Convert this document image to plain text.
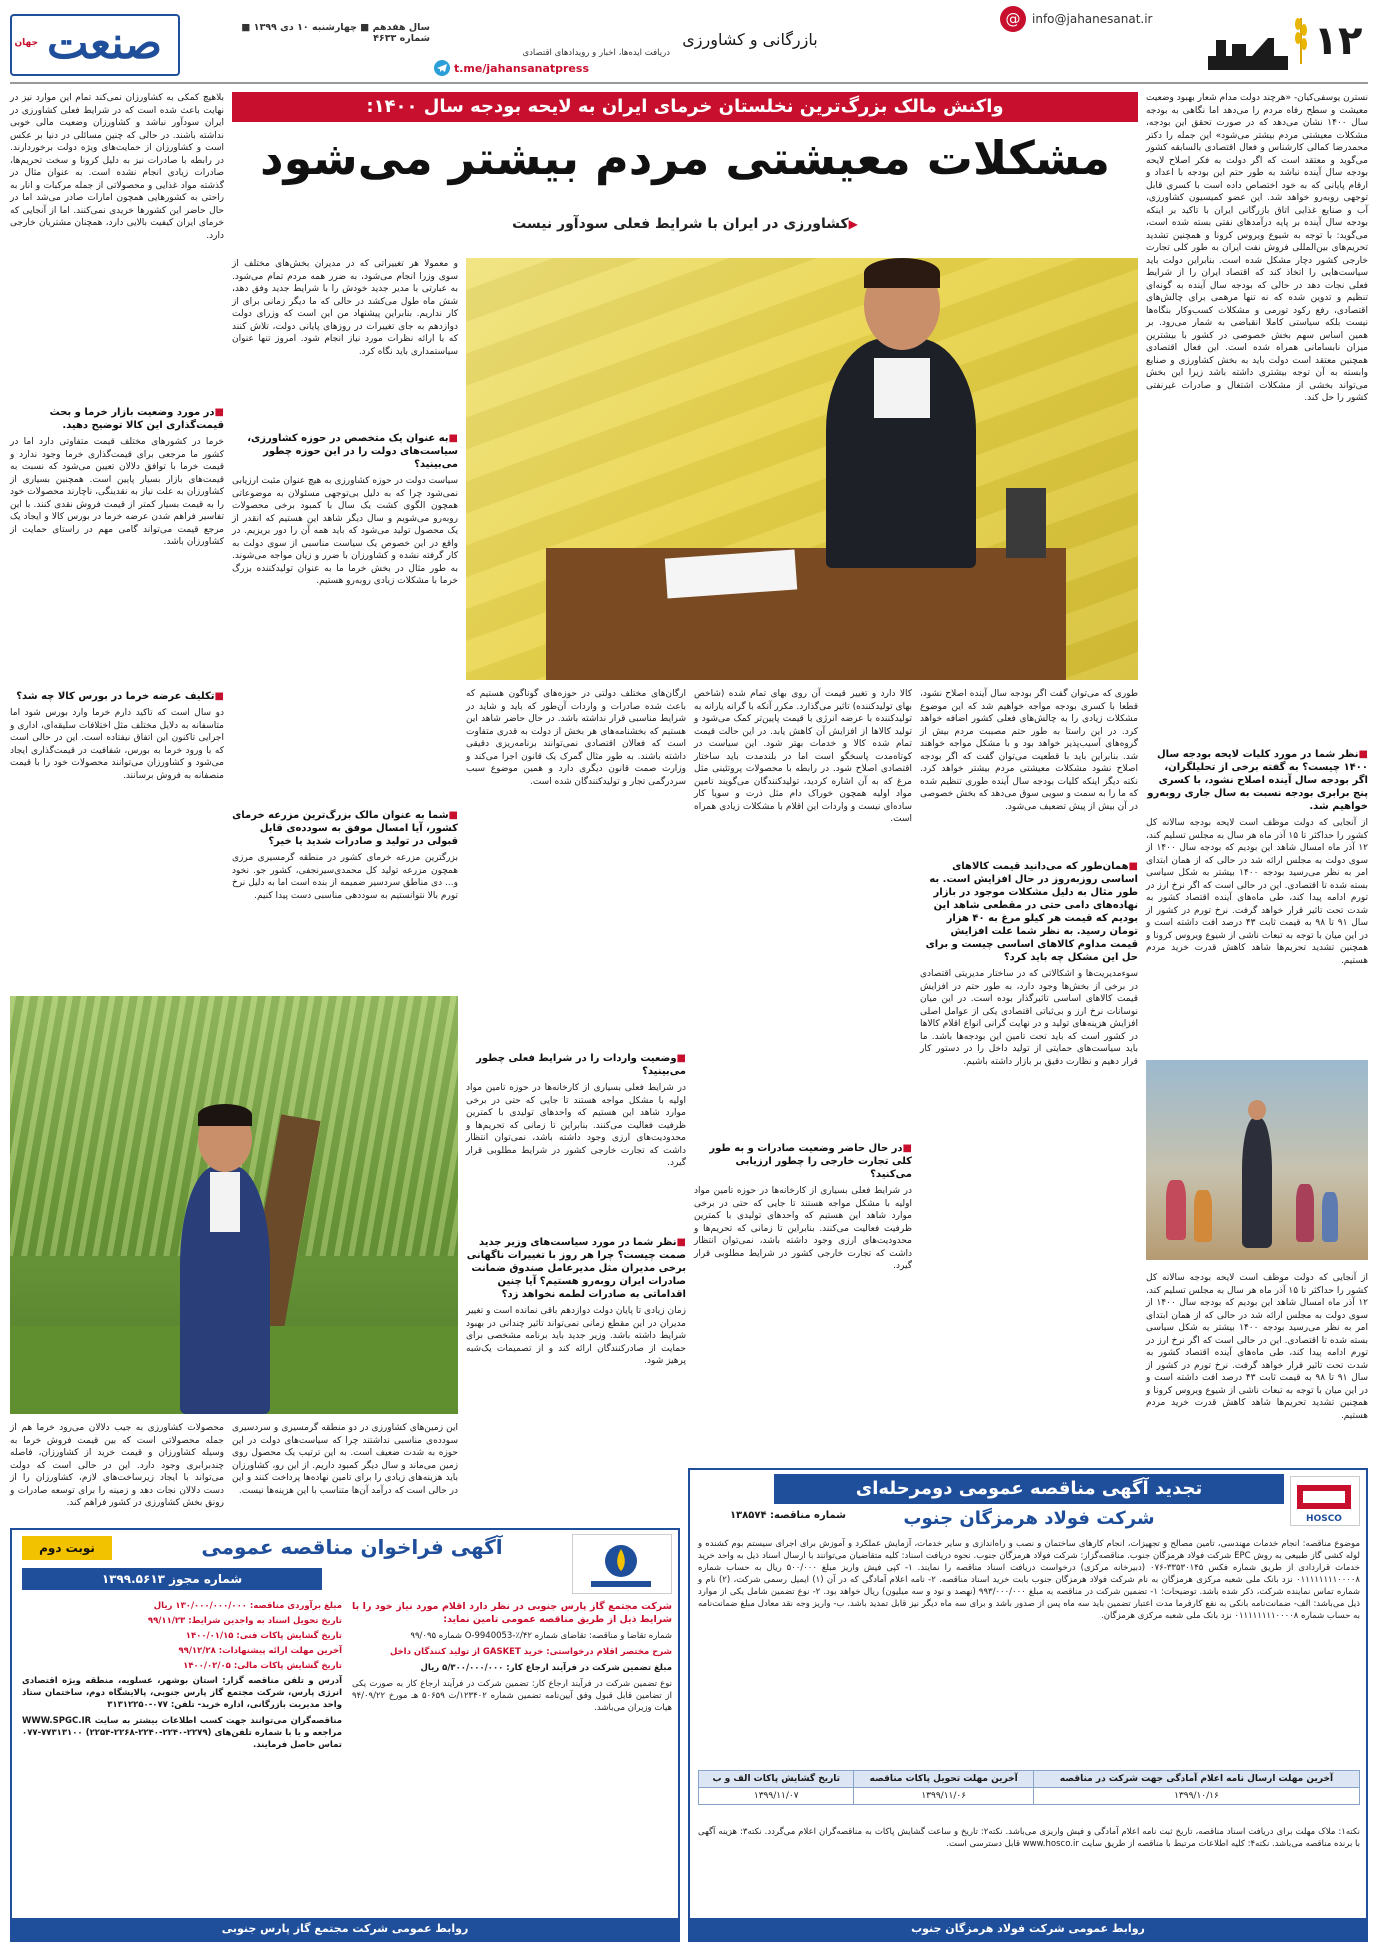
۱۲
@ info@jahanesanat.ir
بازرگانی و کشاورزی
دریافت ایده‌ها، اخبار و رویدادهای اقتصادی
t.me/jahansanatpress
سال هفدهم ■ چهارشنبه ۱۰ دی ۱۳۹۹ ■ شماره ۴۶۳۳
صنعت
جهان
واکنش مالک بزرگ‌ترین نخلستان خرمای ایران به لایحه بودجه سال ۱۴۰۰:
مشکلات معیشتی مردم بیشتر می‌شود
▶ کشاورزی در ایران با شرایط فعلی سودآور نیست
نسترن یوسفی‌کیان- «هرچند دولت مدام شعار بهبود وضعیت معیشت و سطح رفاه مردم را می‌دهد اما نگاهی به بودجه سال ۱۴۰۰ نشان می‌دهد که در صورت تحقق این بودجه، مشکلات معیشتی مردم بیشتر می‌شود» این جمله را دکتر محمدرضا کمالی کارشناس و فعال اقتصادی بالسابقه کشور می‌گوید و معتقد است که اگر دولت به فکر اصلاح لایحه بودجه سال آینده نباشد به طور حتم این بودجه با اعداد و ارقام پایانی که به خود اختصاص داده است با کسری قابل توجهی روبه‌رو خواهد شد. این عضو کمیسیون کشاورزی، آب و صنایع غذایی اتاق بازرگانی ایران با تاکید بر اینکه بودجه سال آینده بر پایه درآمدهای نفتی بسته شده است، می‌گوید: با توجه به شیوع ویروس کرونا و همچنین تشدید تحریم‌های بین‌المللی فروش نفت ایران به طور کلی تجارت خارجی کشور دچار مشکل شده است. بنابراین دولت باید سیاست‌هایی را اتخاذ کند که اقتصاد ایران را از شرایط فعلی نجات دهد در حالی که بودجه سال آینده به گونه‌ای تنظیم و تدوین شده که نه تنها مرهمی برای چالش‌های اقتصادی، رفع رکود تورمی و مشکلات کسب‌وکار بنگاه‌ها نیست بلکه سیاستی کاملا انقباضی به شمار می‌رود. بر همین اساس سهم بخش خصوصی در کشور با بیشترین میزان نابسامانی همراه شده است. این فعال اقتصادی همچنین معتقد است دولت باید به بخش کشاورزی و صنایع وابسته به آن توجه بیشتری داشته باشد زیرا این بخش می‌تواند بخشی از مشکلات اشتغال و صادرات غیرنفتی کشور را حل کند.
■ نظر شما در مورد کلیات لایحه بودجه سال ۱۴۰۰ چیست؟ به گفته برخی از تحلیلگران، اگر بودجه سال آینده اصلاح نشود، با کسری پنج برابری بودجه نسبت به سال جاری روبه‌رو خواهیم شد.
از آنجایی که دولت موظف است لایحه بودجه سالانه کل کشور را حداکثر تا ۱۵ آذر ماه هر سال به مجلس تسلیم کند، ۱۲ آذر ماه امسال شاهد این بودیم که بودجه سال ۱۴۰۰ از سوی دولت به مجلس ارائه شد در حالی که از همان ابتدای امر به نظر می‌رسید بودجه ۱۴۰۰ بیشتر به شکل سیاسی بسته شده تا اقتصادی. این در حالی است که اگر نرخ ارز در تورم ادامه پیدا کند، طی ماه‌های آینده اقتصاد کشور به شدت تحت تاثیر قرار خواهد گرفت. نرخ تورم در کشور از سال ۹۱ تا ۹۸ به قیمت ثابت ۴۳ درصد افت داشته است و در این میان با توجه به تبعات ناشی از شیوع ویروس کرونا و همچنین تشدید تحریم‌ها شاهد کاهش قدرت خرید مردم هستیم.
از آنجایی که دولت موظف است لایحه بودجه سالانه کل کشور را حداکثر تا ۱۵ آذر ماه هر سال به مجلس تسلیم کند، ۱۲ آذر ماه امسال شاهد این بودیم که بودجه سال ۱۴۰۰ از سوی دولت به مجلس ارائه شد در حالی که از همان ابتدای امر به نظر می‌رسید بودجه ۱۴۰۰ بیشتر به شکل سیاسی بسته شده تا اقتصادی. این در حالی است که اگر نرخ ارز در تورم ادامه پیدا کند، طی ماه‌های آینده اقتصاد کشور به شدت تحت تاثیر قرار خواهد گرفت. نرخ تورم در کشور از سال ۹۱ تا ۹۸ به قیمت ثابت ۴۳ درصد افت داشته است و در این میان با توجه به تبعات ناشی از شیوع ویروس کرونا و همچنین تشدید تحریم‌ها شاهد کاهش قدرت خرید مردم هستیم.
طوری که می‌توان گفت اگر بودجه سال آینده اصلاح نشود، قطعا با کسری بودجه مواجه خواهیم شد که این موضوع مشکلات زیادی را به چالش‌های فعلی کشور اضافه خواهد کرد. در این راستا به طور حتم مصیبت مردم بیش از گروه‌های آسیب‌پذیر خواهد بود و با مشکل مواجه خواهند شد. بنابراین باید با قطعیت می‌توان گفت که اگر بودجه اصلاح نشود مشکلات معیشتی مردم بیشتر خواهد کرد. نکته دیگر اینکه کلیات بودجه سال آینده طوری تنظیم شده که ما را به سمت و سویی سوق می‌دهد که بخش خصوصی در آن بیش از پیش تضعیف می‌شود.
■ همان‌طور که می‌دانید قیمت کالاهای اساسی روزبه‌روز در حال افزایش است. به طور مثال به دلیل مشکلات موجود در بازار نهاده‌های دامی حتی در مقطعی شاهد این بودیم که قیمت هر کیلو مرغ به ۴۰ هزار تومان رسید. به نظر شما علت افزایش قیمت مداوم کالاهای اساسی چیست و برای حل این مشکل چه باید کرد؟
سوءمدیریت‌ها و اشکالاتی که در ساختار مدیریتی اقتصادی در برخی از بخش‌ها وجود دارد، به طور حتم در افزایش قیمت کالاهای اساسی تاثیرگذار بوده است. در این میان نوسانات نرخ ارز و بی‌ثباتی اقتصادی یکی از عوامل اصلی افزایش هزینه‌های تولید و در نهایت گرانی انواع اقلام کالاها در کشور است که باید تحت تامین این بودجه‌ها باشد. ما باید سیاست‌های حمایتی از تولید داخل را در دستور کار قرار دهیم و نظارت دقیق بر بازار داشته باشیم.
کالا دارد و تغییر قیمت آن روی بهای تمام شده (شاخص بهای تولیدکننده) تاثیر می‌گذارد. مکرر آنکه با گرانه یارانه به تولیدکننده با عرضه انرژی با قیمت پایین‌تر کمک می‌شود و تولید کالاها از افزایش آن کاهش یابد. در این حالت قیمت تمام شده کالا و خدمات بهتر شود. این سیاست در کوتاه‌مدت پاسخگو است اما در بلندمدت باید ساختار اقتصادی اصلاح شود. در رابطه با محصولات پروتئینی مثل مرغ که به آن اشاره کردید، تولیدکنندگان می‌گویند تامین مواد اولیه همچون خوراک دام مثل ذرت و سویا کار ساده‌ای نیست و واردات این اقلام با مشکلات زیادی همراه است.
■ در حال حاضر وضعیت صادرات و به طور کلی تجارت خارجی را چطور ارزیابی می‌کنید؟
در شرایط فعلی بسیاری از کارخانه‌ها در حوزه تامین مواد اولیه با مشکل مواجه هستند تا جایی که حتی در برخی موارد شاهد این هستیم که واحدهای تولیدی با کمترین ظرفیت فعالیت می‌کنند. بنابراین تا زمانی که تحریم‌ها و محدودیت‌های ارزی وجود داشته باشد، نمی‌توان انتظار داشت که تجارت خارجی کشور در شرایط مطلوبی قرار گیرد.
ارگان‌های مختلف دولتی در حوزه‌های گوناگون هستیم که باعث شده صادرات و واردات آن‌طور که باید و شاید در شرایط مناسبی قرار نداشته باشد. در حال حاضر شاهد این هستیم که بخشنامه‌های هر بخش از دولت به قدری متفاوت است که فعالان اقتصادی نمی‌توانند برنامه‌ریزی دقیقی داشته باشند. به طور مثال گمرک یک قانون اجرا می‌کند و وزارت صمت قانون دیگری دارد و همین موضوع سبب سردرگمی تجار و تولیدکنندگان شده است.
■ وضعیت واردات را در شرایط فعلی چطور می‌بینید؟
در شرایط فعلی بسیاری از کارخانه‌ها در حوزه تامین مواد اولیه با مشکل مواجه هستند تا جایی که حتی در برخی موارد شاهد این هستیم که واحدهای تولیدی با کمترین ظرفیت فعالیت می‌کنند. بنابراین تا زمانی که تحریم‌ها و محدودیت‌های ارزی وجود داشته باشد، نمی‌توان انتظار داشت که تجارت خارجی کشور در شرایط مطلوبی قرار گیرد.
■ نظر شما در مورد سیاست‌های وزیر جدید صمت چیست؟ چرا هر روز با تغییرات ناگهانی برخی مدیران مثل مدیرعامل صندوق ضمانت صادرات ایران روبه‌رو هستیم؟ آیا چنین اقداماتی به صادرات لطمه نخواهد زد؟
زمان زیادی تا پایان دولت دوازدهم باقی نمانده است و تغییر مدیران در این مقطع زمانی نمی‌تواند تاثیر چندانی در بهبود شرایط داشته باشد. وزیر جدید باید برنامه مشخصی برای حمایت از صادرکنندگان ارائه کند و از تصمیمات یک‌شبه پرهیز شود.
و معمولا هر تغییراتی که در مدیران بخش‌های مختلف از سوی وزرا انجام می‌شود، به ضرر همه مردم تمام می‌شود. به عبارتی با مدیر جدید خودش را با شرایط جدید وفق دهد، شش ماه طول می‌کشد در حالی که ما دیگر زمانی برای از کار نداریم. بنابراین پیشنهاد من این است که وزرای دولت دوازدهم به جای تغییرات در روزهای پایانی دولت، تلاش کنند که با ارائه نظرات مورد نیاز انجام شود. امروز تنها عنوان سیاستمداری باید نگاه کرد.
■ به عنوان یک متخصص در حوزه کشاورزی، سیاست‌های دولت را در این حوزه چطور می‌بینید؟
سیاست دولت در حوزه کشاورزی به هیچ عنوان مثبت ارزیابی نمی‌شود چرا که به دلیل بی‌توجهی مسئولان به موضوعاتی همچون الگوی کشت یک سال با کمبود برخی محصولات روبه‌رو می‌شویم و سال دیگر شاهد این هستیم که انقدر از یک محصول تولید می‌شود که باید همه آن را دور بریزیم. در واقع در این خصوص یک سیاست مناسبی از سوی دولت به کار گرفته نشده و کشاورزان با ضرر و زیان مواجه می‌شوند. به طور مثال در بخش خرما ما به عنوان تولیدکننده بزرگ خرما با مشکلات زیادی روبه‌رو هستیم.
■ شما به عنوان مالک بزرگ‌ترین مزرعه خرمای کشور، آیا امسال موفق به سودده‌ی قابل قبولی در تولید و صادرات شدید یا خیر؟
بزرگترین مزرعه خرمای کشور در منطقه گرمسیری مرزی همچون مزرعه تولید کل محمدی‌سیرنجفی، کشور جو. نخود و... دی مناطق سردسیر ضمیمه از بنده است اما به دلیل نرخ تورم بالا نتوانستیم به سوددهی مناسبی دست پیدا کنیم.
بلاهیچ کمکی به کشاورزان نمی‌کند تمام این موارد نیز در نهایت باعث شده است که در شرایط فعلی کشاورزی در ایران سودآور نباشد و کشاورزان وضعیت مالی خوبی نداشته باشند. در حالی که چنین مسائلی در دنیا بر عکس است و کشاورزان از حمایت‌های ویژه دولت برخوردارند. در رابطه با صادرات نیز به دلیل کرونا و سخت تحریم‌ها، صادرات زیادی انجام نشده است. به عنوان مثال در گذشته مواد غذایی و محصولاتی از جمله مرکبات و انار به راحتی به کشورهایی همچون امارات صادر می‌شد اما در حال حاضر این کشورها خریدی نمی‌کنند. اما از آنجایی که خرمای ایران کیفیت بالایی دارد، همچنان مشتریان خارجی دارد.
■ در مورد وضعیت بازار خرما و بحث قیمت‌گذاری این کالا توضیح دهید.
خرما در کشورهای مختلف قیمت متفاوتی دارد اما در کشور ما مرجعی برای قیمت‌گذاری خرما وجود ندارد و قیمت خرما با توافق دلالان تعیین می‌شود که نسبت به قیمت‌های بازار بسیار پایین است. همچنین بسیاری از کشاورزان به علت نیاز به نقدینگی، ناچارند محصولات خود را به قیمت بسیار کمتر از قیمت فروش نقدی کنند. با این تفاسیر فراهم شدن عرضه خرما در بورس کالا و ایجاد یک مرجع قیمت می‌تواند گامی مهم در راستای حمایت از کشاورزان باشد.
■ تکلیف عرضه خرما در بورس کالا چه شد؟
دو سال است که تاکید دارم خرما وارد بورس شود اما متاسفانه به دلایل مختلف مثل اختلافات سلیقه‌ای، اداری و اجرایی تاکنون این اتفاق نیفتاده است. این در حالی است که با ورود خرما به بورس، شفافیت در قیمت‌گذاری ایجاد می‌شود و کشاورزان می‌توانند محصولات خود را با قیمت منصفانه به فروش برسانند.
محصولات کشاورزی به جیب دلالان می‌رود خرما هم از جمله محصولاتی است که بین قیمت فروش خرما به وسیله کشاورزان و قیمت خرید از کشاورزان، فاصله چندبرابری وجود دارد. این در حالی است که دولت می‌تواند با ایجاد زیرساخت‌های لازم، کشاورزان را از دست دلالان نجات دهد و زمینه را برای توسعه صادرات و رونق بخش کشاورزی در کشور فراهم کند.
این زمین‌های کشاورزی در دو منطقه گرمسیری و سردسیری سودده‌ی مناسبی نداشتند چرا که سیاست‌های دولت در این حوزه به شدت ضعیف است. به این ترتیب یک محصول روی زمین می‌ماند و سال دیگر کمبود داریم. از این رو، کشاورزان باید هزینه‌های زیادی را برای تامین نهاده‌ها پرداخت کنند و این در حالی است که درآمد آن‌ها متناسب با این هزینه‌ها نیست.
آگهی فراخوان مناقصه عمومی
نوبت دوم
شماره مجوز ۱۳۹۹.۵۶۱۳
شرکت مجتمع گاز پارس جنوبی در نظر دارد اقلام مورد نیاز خود را با شرایط ذیل از طریق مناقصه عمومی تامین نماید:
شماره تقاضا و مناقصه: تقاضای شماره ۴۲/٪-9940053-O شماره ۹۹/۰۹۵
شرح مختصر اقلام درخواستی: خرید GASKET از تولید کنندگان داخل
مبلغ تضمین شرکت در فرآیند ارجاع کار: ۵/۳۰۰/۰۰۰/۰۰۰ ریال
نوع تضمین شرکت در فرآیند ارجاع کار: تضمین شرکت در فرآیند ارجاع کار به صورت یکی از تضامین قابل قبول وفق آیین‌نامه تضمین شماره ۱۲۳۴۰۲/ت ۵۰۶۵۹ هـ مورخ ۹۴/۰۹/۲۲ هیات وزیران می‌باشد.
مبلغ برآوردی مناقصه: ۱۳۰/۰۰۰/۰۰۰/۰۰۰ ریال
تاریخ تحویل اسناد به واجدین شرایط: ۹۹/۱۱/۲۳
تاریخ گشایش پاکات فنی: ۱۴۰۰/۰۱/۱۵
آخرین مهلت ارائه پیشنهادات: ۹۹/۱۲/۲۸
تاریخ گشایش پاکات مالی: ۱۴۰۰/۰۲/۰۵
آدرس و تلفن مناقصه گزار: استان بوشهر، عسلویه، منطقه ویژه اقتصادی انرژی پارس، شرکت مجتمع گاز پارس جنوبی، پالایشگاه دوم، ساختمان ستاد واحد مدیریت بازرگانی، اداره خرید- تلفن: ۰۷۷-۳۱۳۱۲۲۵۰
مناقصه‌گران می‌توانند جهت کسب اطلاعات بیشتر به سایت WWW.SPGC.IR مراجعه و یا با شماره تلفن‌های (۲۲۷۹-۲۲۴۰-۲۲۴۰-۲۲۶۸-۲۲۵۴) ۷۷۳۱۳۱۰۰-۰۷۷ تماس حاصل فرمایند.
روابط عمومی شرکت مجتمع گاز پارس جنوبی
HOSCO
تجدید آگهی مناقصه عمومی دومرحله‌ای
شرکت فولاد هرمزگان جنوب
شماره مناقصه: ۱۳۸۵۷۴
موضوع مناقصه: انجام خدمات مهندسی، تامین مصالح و تجهیزات، انجام کارهای ساختمان و نصب و راه‌اندازی و سایر خدمات، آزمایش عملکرد و آموزش برای اجرای سیستم بوم کشنده و لوله کشی گاز طبیعی به روش EPC شرکت فولاد هرمزگان جنوب. مناقصه‌گزار: شرکت فولاد هرمزگان جنوب. نحوه دریافت اسناد: کلیه متقاضیان می‌توانند با ارسال اسناد ذیل به واحد خرید خدمات قراردادی از طریق شماره فکس ۳۳۵۳۰۱۴۵-۰۷۶ (دبیرخانه مرکزی) درخواست دریافت اسناد مناقصه را نمایند. ۱- کپی فیش واریز مبلغ ۵۰۰/۰۰۰ ریال به حساب شماره ۰۱۱۱۱۱۱۱۱۰۰۰۰۸ نزد بانک ملی شعبه مرکزی هرمزگان به نام شرکت فولاد هرمزگان جنوب بابت خرید اسناد مناقصه. ۲- نامه اعلام آمادگی که در آن (۱) ایمیل رسمی شرکت، (۲) نام و شماره تماس نماینده شرکت، ذکر شده باشد. توضیحات: ۱- تضمین شرکت در مناقصه به مبلغ ۹۹۳/۰۰۰/۰۰۰ (نهصد و نود و سه میلیون) ریال خواهد بود. ۲- نوع تضمین شامل یکی از موارد ذیل می‌باشد: الف- ضمانت‌نامه بانکی به نفع کارفرما مدت اعتبار تضمین باید سه ماه پس از صدور باشد و برای سه ماه دیگر نیز قابل تمدید باشد. ب- واریز وجه نقد معادل مبلغ ضمانت‌نامه به حساب شماره ۰۱۱۱۱۱۱۱۱۰۰۰۰۸ نزد بانک ملی شعبه مرکزی هرمزگان.
آخرین مهلت ارسال نامه اعلام آمادگی جهت شرکت در مناقصه	آخرین مهلت تحویل پاکات مناقصه	تاریخ گشایش پاکات الف و ب
۱۳۹۹/۱۰/۱۶	۱۳۹۹/۱۱/۰۶	۱۳۹۹/۱۱/۰۷
نکته۱: ملاک مهلت برای دریافت اسناد مناقصه، تاریخ ثبت نامه اعلام آمادگی و فیش واریزی می‌باشد. نکته۲: تاریخ و ساعت گشایش پاکات به مناقصه‌گران اعلام می‌گردد. نکته۳: هزینه آگهی با برنده مناقصه می‌باشد. نکته۴: کلیه اطلاعات مرتبط با مناقصه از طریق سایت www.hosco.ir قابل دسترسی است.
روابط عمومی شرکت فولاد هرمزگان جنوب
